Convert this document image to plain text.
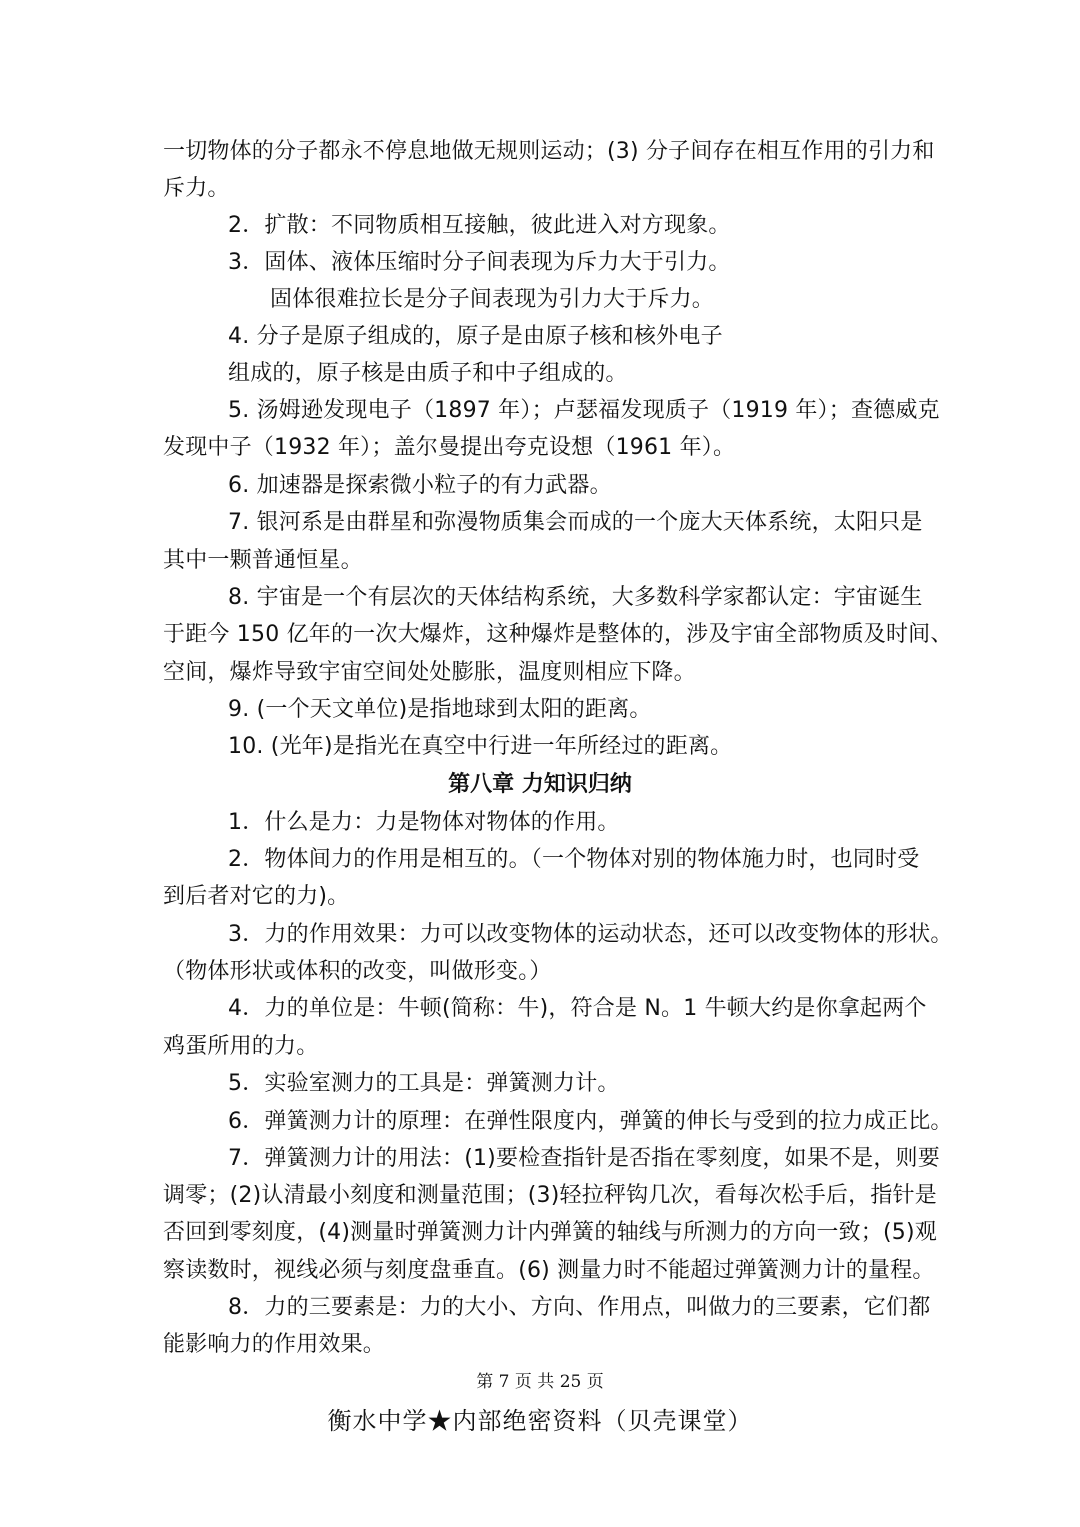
一切物体的分子都永不停息地做无规则运动；(3) 分子间存在相互作用的引力和
斥力。
2．扩散：不同物质相互接触，彼此进入对方现象。
3．固体、液体压缩时分子间表现为斥力大于引力。
固体很难拉长是分子间表现为引力大于斥力。
4. 分子是原子组成的，原子是由原子核和核外电子
组成的，原子核是由质子和中子组成的。
5. 汤姆逊发现电子（1897 年）；卢瑟福发现质子（1919 年）；查德威克
发现中子（1932 年）；盖尔曼提出夸克设想（1961 年）。
6. 加速器是探索微小粒子的有力武器。
7. 银河系是由群星和弥漫物质集会而成的一个庞大天体系统，太阳只是
其中一颗普通恒星。
8. 宇宙是一个有层次的天体结构系统，大多数科学家都认定：宇宙诞生
于距今 150 亿年的一次大爆炸，这种爆炸是整体的，涉及宇宙全部物质及时间、
空间，爆炸导致宇宙空间处处膨胀，温度则相应下降。
9. (一个天文单位)是指地球到太阳的距离。
10. (光年)是指光在真空中行进一年所经过的距离。
第八章 力知识归纳
1．什么是力：力是物体对物体的作用。
2．物体间力的作用是相互的。（一个物体对别的物体施力时，也同时受
到后者对它的力)。
3．力的作用效果：力可以改变物体的运动状态，还可以改变物体的形状。
（物体形状或体积的改变，叫做形变。）
4．力的单位是：牛顿(简称：牛)，符合是 N。1 牛顿大约是你拿起两个
鸡蛋所用的力。
5．实验室测力的工具是：弹簧测力计。
6．弹簧测力计的原理：在弹性限度内，弹簧的伸长与受到的拉力成正比。
7．弹簧测力计的用法：(1)要检查指针是否指在零刻度，如果不是，则要
调零；(2)认清最小刻度和测量范围；(3)轻拉秤钩几次，看每次松手后，指针是
否回到零刻度，(4)测量时弹簧测力计内弹簧的轴线与所测力的方向一致；(5)观
察读数时，视线必须与刻度盘垂直。(6) 测量力时不能超过弹簧测力计的量程。
8．力的三要素是：力的大小、方向、作用点，叫做力的三要素，它们都
能影响力的作用效果。
第 7 页 共 25 页
衡水中学★内部绝密资料（贝壳课堂）
